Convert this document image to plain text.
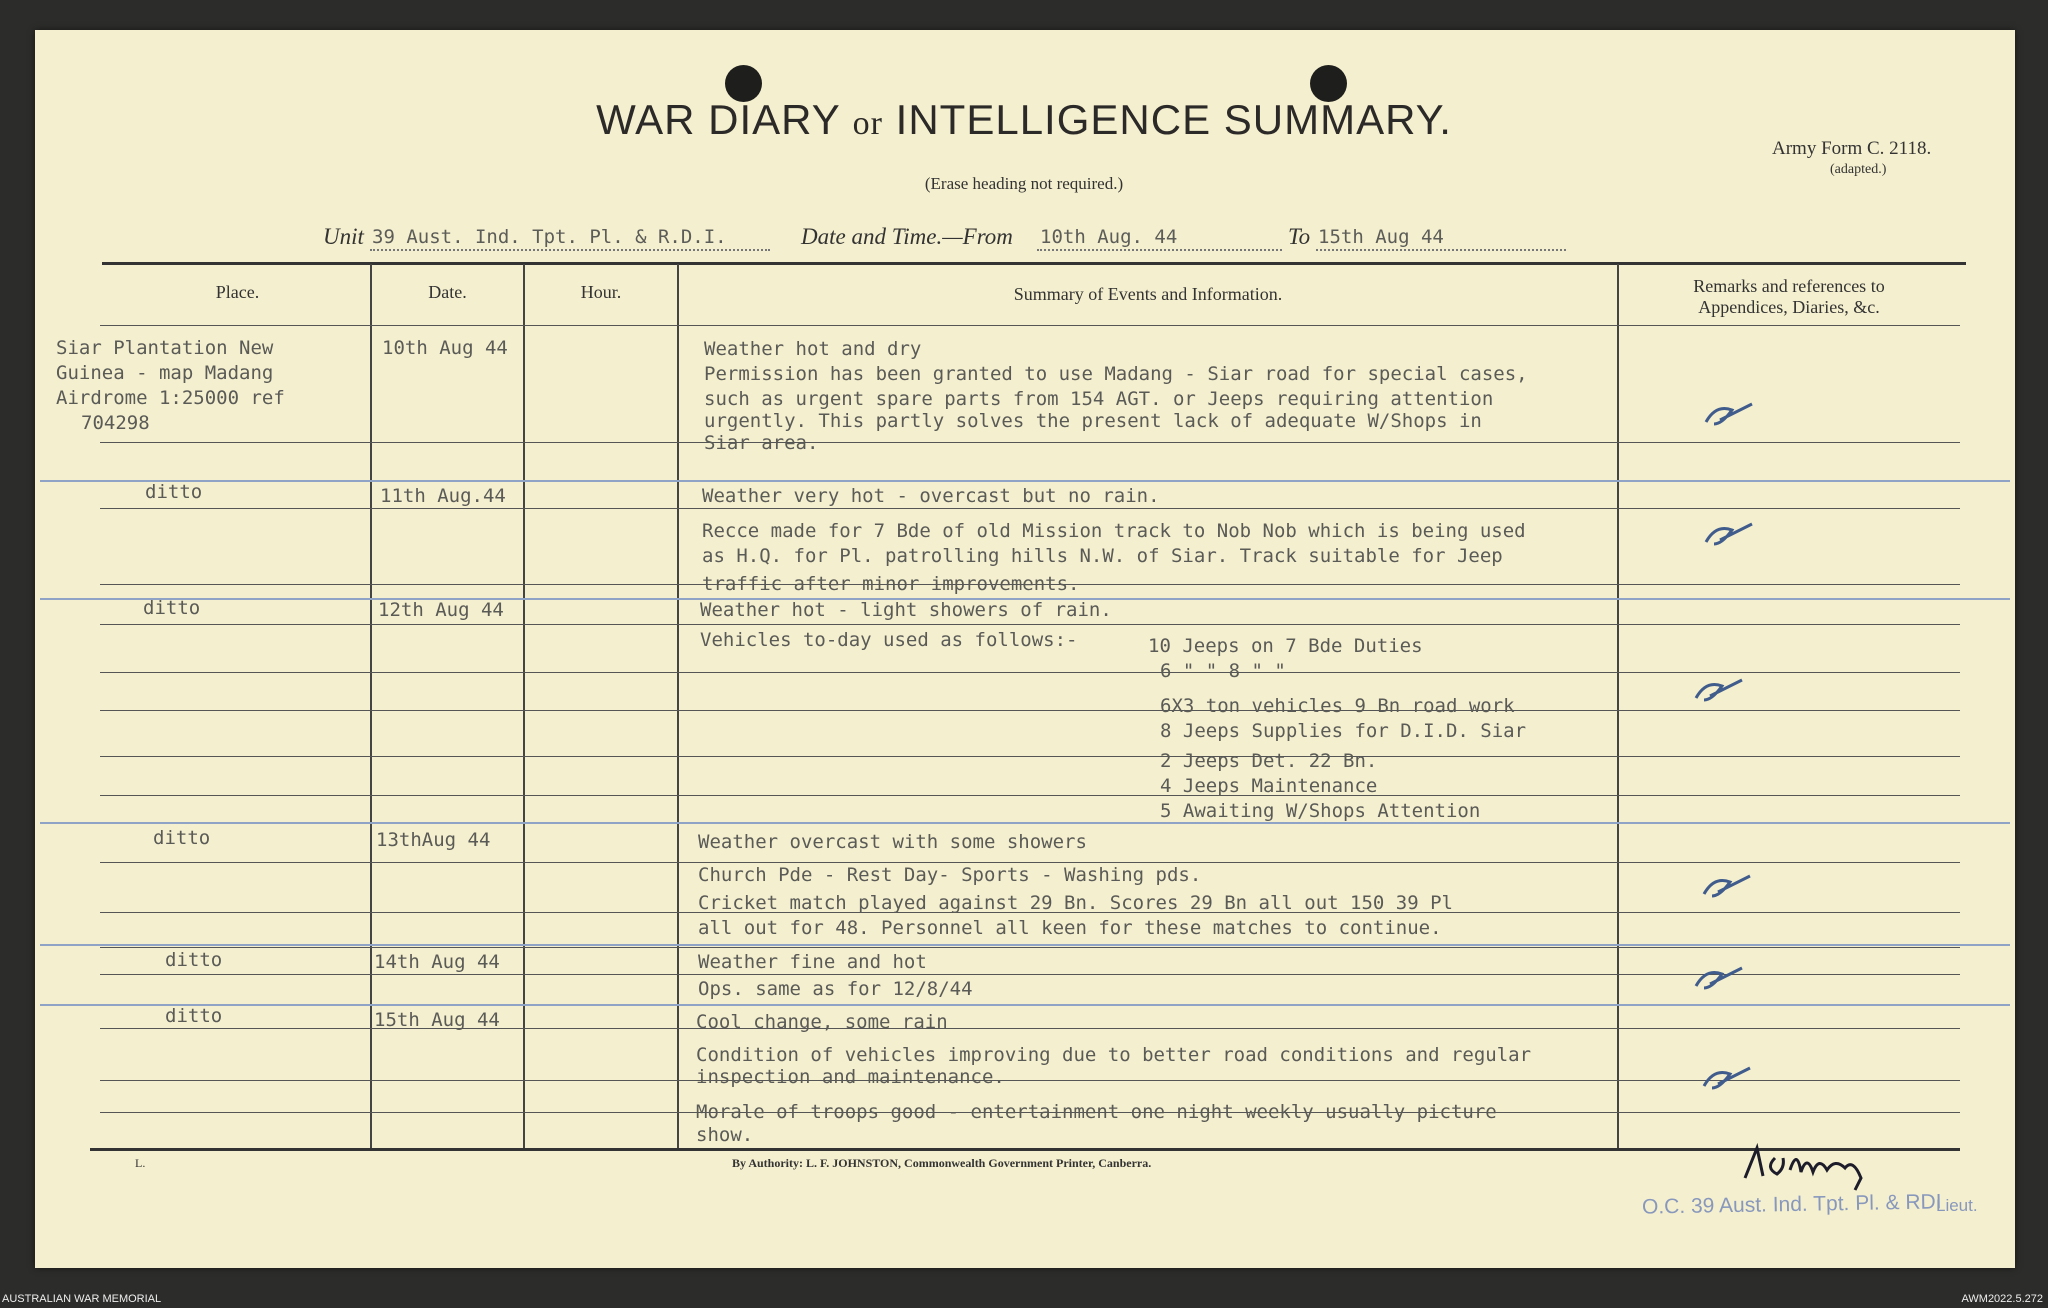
WAR DIARY or INTELLIGENCE SUMMARY.
(Erase heading not required.)
Army Form C. 2118.
(adapted.)
Unit 39 Aust. Ind. Tpt. Pl. & R.D.I.	Date and Time.—From 10th Aug. 44	To 15th Aug 44
Place.	Date.	Hour.	Summary of Events and Information.	Remarks and references to
Appendices, Diaries, &c.
Siar Plantation New
Guinea - map Madang
Airdrome 1:25000 ref
704298
10th Aug 44	Weather hot and dry
Permission has been granted to use Madang - Siar road for special cases,
such as urgent spare parts from 154 AGT. or Jeeps requiring attention
urgently. This partly solves the present lack of adequate W/Shops in
Siar area.
ditto	11th Aug.44	Weather very hot - overcast but no rain.
Recce made for 7 Bde of old Mission track to Nob Nob which is being used
as H.Q. for Pl. patrolling hills N.W. of Siar. Track suitable for Jeep
traffic after minor improvements.
ditto	12th Aug 44	Weather hot - light showers of rain.
Vehicles to-day used as follows:-	10 Jeeps on 7 Bde Duties
6 " " 8 " "
6X3 ton vehicles 9 Bn road work
8 Jeeps Supplies for D.I.D. Siar
2 Jeeps Det. 22 Bn.
4 Jeeps Maintenance
5 Awaiting W/Shops Attention
ditto	13thAug 44	Weather overcast with some showers
Church Pde - Rest Day- Sports - Washing pds.
Cricket match played against 29 Bn. Scores 29 Bn all out 150 39 Pl
all out for 48. Personnel all keen for these matches to continue.
ditto	14th Aug 44	Weather fine and hot
Ops. same as for 12/8/44
ditto	15th Aug 44	Cool change, some rain
Condition of vehicles improving due to better road conditions and regular
inspection and maintenance.
Morale of troops good - entertainment one night weekly usually picture
show.
L.	By Authority: L. F. JOHNSTON, Commonwealth Government Printer, Canberra.
O.C. 39 Aust. Ind. Tpt. Pl. & RDI
Lieut.
AUSTRALIAN WAR MEMORIAL	AWM2022.5.272
